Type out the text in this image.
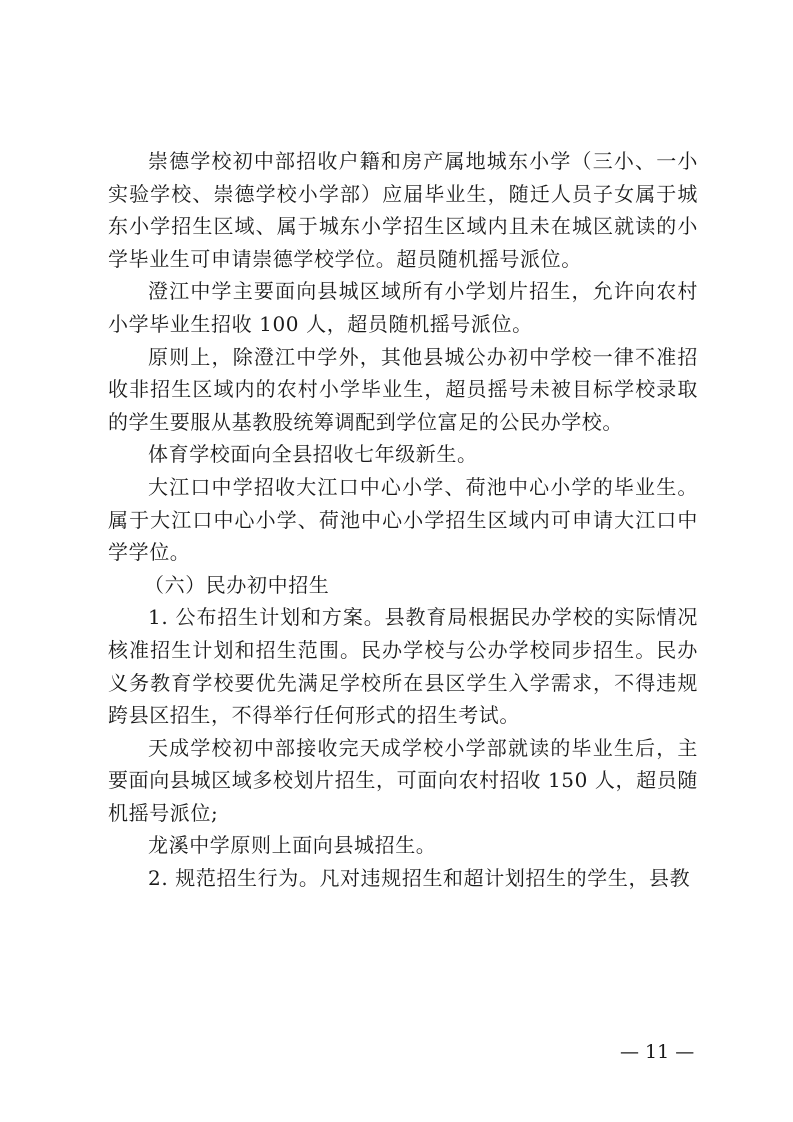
崇德学校初中部招收户籍和房产属地城东小学（三小、一小实验学校、崇德学校小学部）应届毕业生，随迁人员子女属于城东小学招生区域、属于城东小学招生区域内且未在城区就读的小学毕业生可申请崇德学校学位。超员随机摇号派位。

澄江中学主要面向县城区域所有小学划片招生，允许向农村小学毕业生招收 100 人，超员随机摇号派位。

原则上，除澄江中学外，其他县城公办初中学校一律不准招收非招生区域内的农村小学毕业生，超员摇号未被目标学校录取的学生要服从基教股统筹调配到学位富足的公民办学校。

体育学校面向全县招收七年级新生。

大江口中学招收大江口中心小学、荷池中心小学的毕业生。属于大江口中心小学、荷池中心小学招生区域内可申请大江口中学学位。

（六）民办初中招生

1. 公布招生计划和方案。县教育局根据民办学校的实际情况核准招生计划和招生范围。民办学校与公办学校同步招生。民办义务教育学校要优先满足学校所在县区学生入学需求，不得违规跨县区招生，不得举行任何形式的招生考试。

天成学校初中部接收完天成学校小学部就读的毕业生后，主要面向县城区域多校划片招生，可面向农村招收 150 人，超员随机摇号派位;

龙溪中学原则上面向县城招生。

2. 规范招生行为。凡对违规招生和超计划招生的学生，县教

— 11 —
